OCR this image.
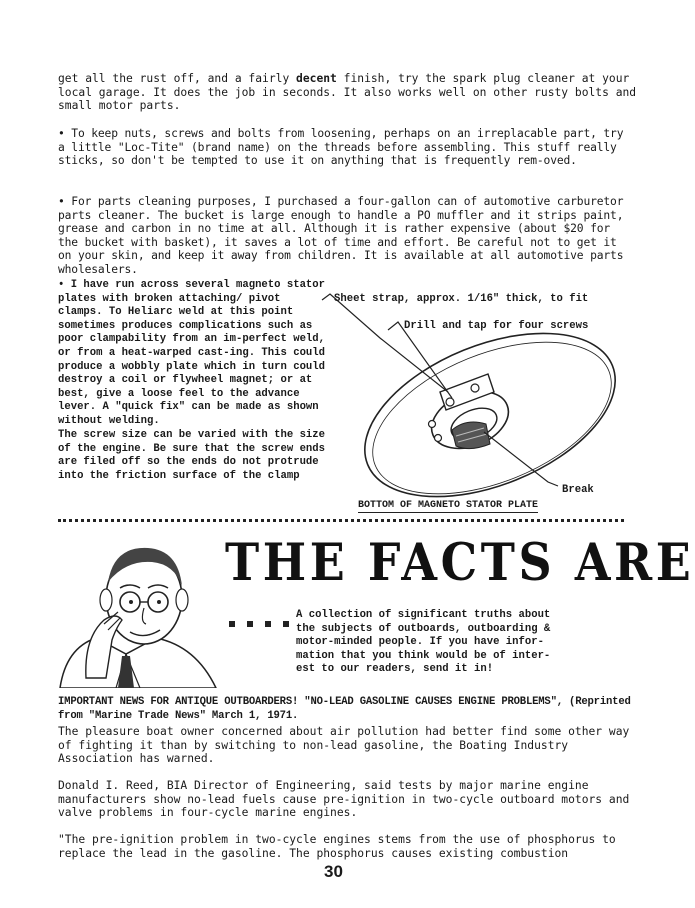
get all the rust off, and a fairly decent finish, try the spark plug cleaner at your local garage. It does the job in seconds. It also works well on other rusty bolts and small motor parts.

• To keep nuts, screws and bolts from loosening, perhaps on an irreplacable part, try a little "Loc-Tite" (brand name) on the threads before assembling. This stuff really sticks, so don't be tempted to use it on anything that is frequently rem-oved.

• For parts cleaning purposes, I purchased a four-gallon can of automotive carburetor parts cleaner. The bucket is large enough to handle a PO muffler and it strips paint, grease and carbon in no time at all. Although it is rather expensive (about $20 for the bucket with basket), it saves a lot of time and effort. Be careful not to get it on your skin, and keep it away from children. It is available at all automotive parts wholesalers.

• I have run across several magneto stator plates with broken attaching/ pivot clamps. To Heliarc weld at this point sometimes produces complications such as poor clampability from an im-perfect weld, or from a heat-warped cast-ing. This could produce a wobbly plate which in turn could destroy a coil or flywheel magnet; or at best, give a loose feel to the advance lever. A "quick fix" can be made as shown without welding.

The screw size can be varied with the size of the engine. Be sure that the screw ends are filed off so the ends do not protrude into the friction surface of the clamp

Sheet strap, approx. 1/16" thick, to fit
Drill and tap for four screws
Break
BOTTOM OF MAGNETO STATOR PLATE
THE FACTS ARE

A collection of significant truths about the subjects of outboards, outboarding & motor-minded people. If you have infor-mation that you think would be of inter-est to our readers, send it in!

IMPORTANT NEWS FOR ANTIQUE OUTBOARDERS! "NO-LEAD GASOLINE CAUSES ENGINE PROBLEMS", (Reprinted from "Marine Trade News" March 1, 1971.

The pleasure boat owner concerned about air pollution had better find some other way of fighting it than by switching to non-lead gasoline, the Boating Industry Association has warned.

Donald I. Reed, BIA Director of Engineering, said tests by major marine engine manufacturers show no-lead fuels cause pre-ignition in two-cycle outboard motors and valve problems in four-cycle marine engines.

"The pre-ignition problem in two-cycle engines stems from the use of phosphorus to replace the lead in the gasoline. The phosphorus causes existing combustion

30
